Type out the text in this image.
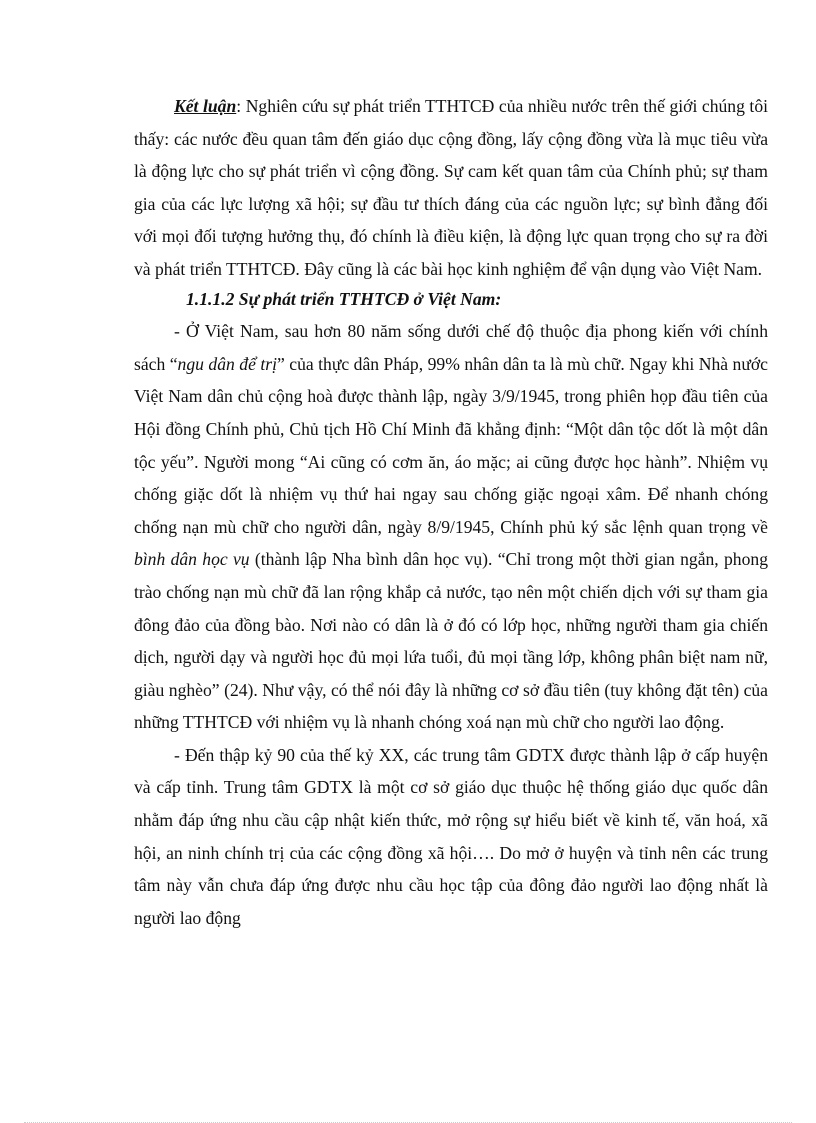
Kết luận: Nghiên cứu sự phát triển TTHTCĐ của nhiều nước trên thế giới chúng tôi thấy: các nước đều quan tâm đến giáo dục cộng đồng, lấy cộng đồng vừa là mục tiêu vừa là động lực cho sự phát triển vì cộng đồng. Sự cam kết quan tâm của Chính phủ; sự tham gia của các lực lượng xã hội; sự đầu tư thích đáng của các nguồn lực; sự bình đẳng đối với mọi đối tượng hưởng thụ, đó chính là điều kiện, là động lực quan trọng cho sự ra đời và phát triển TTHTCĐ. Đây cũng là các bài học kinh nghiệm để vận dụng vào Việt Nam.

1.1.1.2 Sự phát triển TTHTCĐ ở Việt Nam:

- Ở Việt Nam, sau hơn 80 năm sống dưới chế độ thuộc địa phong kiến với chính sách “ngu dân để trị” của thực dân Pháp, 99% nhân dân ta là mù chữ. Ngay khi Nhà nước Việt Nam dân chủ cộng hoà được thành lập, ngày 3/9/1945, trong phiên họp đầu tiên của Hội đồng Chính phủ, Chủ tịch Hồ Chí Minh đã khẳng định: “Một dân tộc dốt là một dân tộc yếu”. Người mong “Ai cũng có cơm ăn, áo mặc; ai cũng được học hành”. Nhiệm vụ chống giặc dốt là nhiệm vụ thứ hai ngay sau chống giặc ngoại xâm. Để nhanh chóng chống nạn mù chữ cho người dân, ngày 8/9/1945, Chính phủ ký sắc lệnh quan trọng về bình dân học vụ (thành lập Nha bình dân học vụ). “Chỉ trong một thời gian ngắn, phong trào chống nạn mù chữ đã lan rộng khắp cả nước, tạo nên một chiến dịch với sự tham gia đông đảo của đồng bào. Nơi nào có dân là ở đó có lớp học, những người tham gia chiến dịch, người dạy và người học đủ mọi lứa tuổi, đủ mọi tầng lớp, không phân biệt nam nữ, giàu nghèo” (24). Như vậy, có thể nói đây là những cơ sở đầu tiên (tuy không đặt tên) của những TTHTCĐ với nhiệm vụ là nhanh chóng xoá nạn mù chữ cho người lao động.

- Đến thập kỷ 90 của thế kỷ XX, các trung tâm GDTX được thành lập ở cấp huyện và cấp tỉnh. Trung tâm GDTX là một cơ sở giáo dục thuộc hệ thống giáo dục quốc dân nhằm đáp ứng nhu cầu cập nhật kiến thức, mở rộng sự hiểu biết về kinh tế, văn hoá, xã hội, an ninh chính trị của các cộng đồng xã hội…. Do mở ở huyện và tỉnh nên các trung tâm này vẫn chưa đáp ứng được nhu cầu học tập của đông đảo người lao động nhất là người lao động
